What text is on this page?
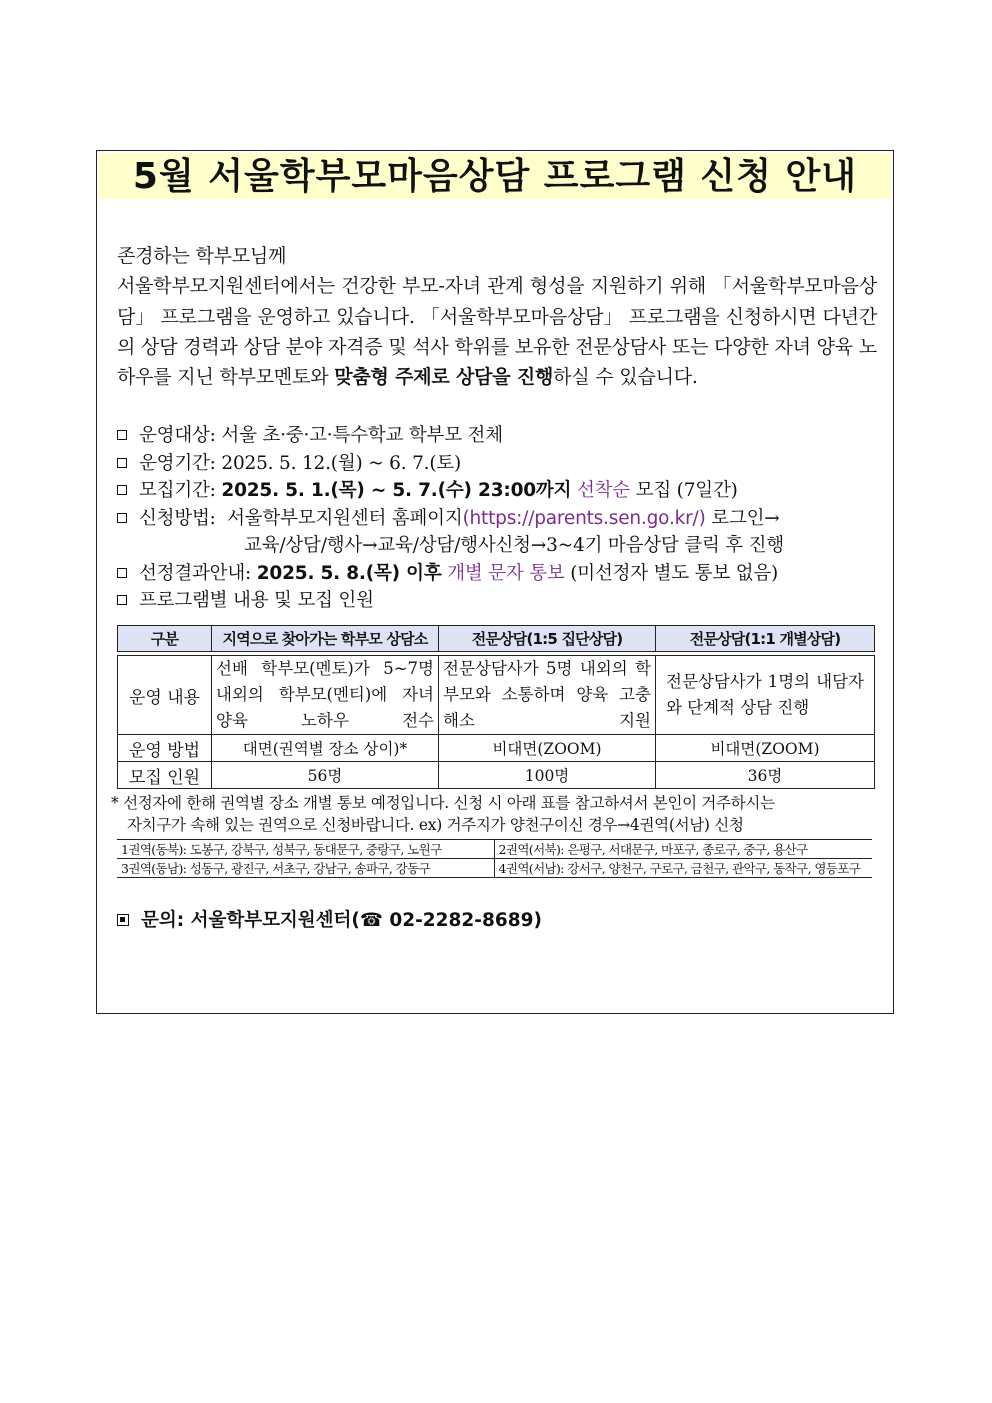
5월 서울학부모마음상담 프로그램 신청 안내

존경하는 학부모님께

서울학부모지원센터에서는 건강한 부모-자녀 관계 형성을 지원하기 위해 「서울학부모마음상담」 프로그램을 운영하고 있습니다. 「서울학부모마음상담」 프로그램을 신청하시면 다년간의 상담 경력과 상담 분야 자격증 및 석사 학위를 보유한 전문상담사 또는 다양한 자녀 양육 노하우를 지닌 학부모멘토와 맞춤형 주제로 상담을 진행하실 수 있습니다.

운영대상: 서울 초·중·고·특수학교 학부모 전체
운영기간: 2025. 5. 12.(월) ~ 6. 7.(토)
모집기간: 2025. 5. 1.(목) ~ 5. 7.(수) 23:00까지 선착순 모집 (7일간)
신청방법: 서울학부모지원센터 홈페이지(https://parents.sen.go.kr/) 로그인→
교육/상담/행사→교육/상담/행사신청→3~4기 마음상담 클릭 후 진행
선정결과안내: 2025. 5. 8.(목) 이후 개별 문자 통보 (미선정자 별도 통보 없음)
프로그램별 내용 및 모집 인원
구분	지역으로 찾아가는 학부모 상담소	전문상담(1:5 집단상담)	전문상담(1:1 개별상담)

운영 내용	선배 학부모(멘토)가 5~7명 내외의 학부모(멘티)에 자녀 양육 노하우 전수	전문상담사가 5명 내외의 학부모와 소통하며 양육 고충 해소 지원	전문상담사가 1명의 내담자와 단계적 상담 진행
운영 방법	대면(권역별 장소 상이)*	비대면(ZOOM)	비대면(ZOOM)
모집 인원	56명	100명	36명
* 선정자에 한해 권역별 장소 개별 통보 예정입니다. 신청 시 아래 표를 참고하셔서 본인이 거주하시는
자치구가 속해 있는 권역으로 신청바랍니다. ex) 거주지가 양천구이신 경우→4권역(서남) 신청
1권역(동북): 도봉구, 강북구, 성북구, 동대문구, 중랑구, 노원구	2권역(서북): 은평구, 서대문구, 마포구, 종로구, 중구, 용산구
3권역(동남): 성동구, 광진구, 서초구, 강남구, 송파구, 강동구	4권역(서남): 강서구, 양천구, 구로구, 금천구, 관악구, 동작구, 영등포구
문의: 서울학부모지원센터(☎ 02-2282-8689)
